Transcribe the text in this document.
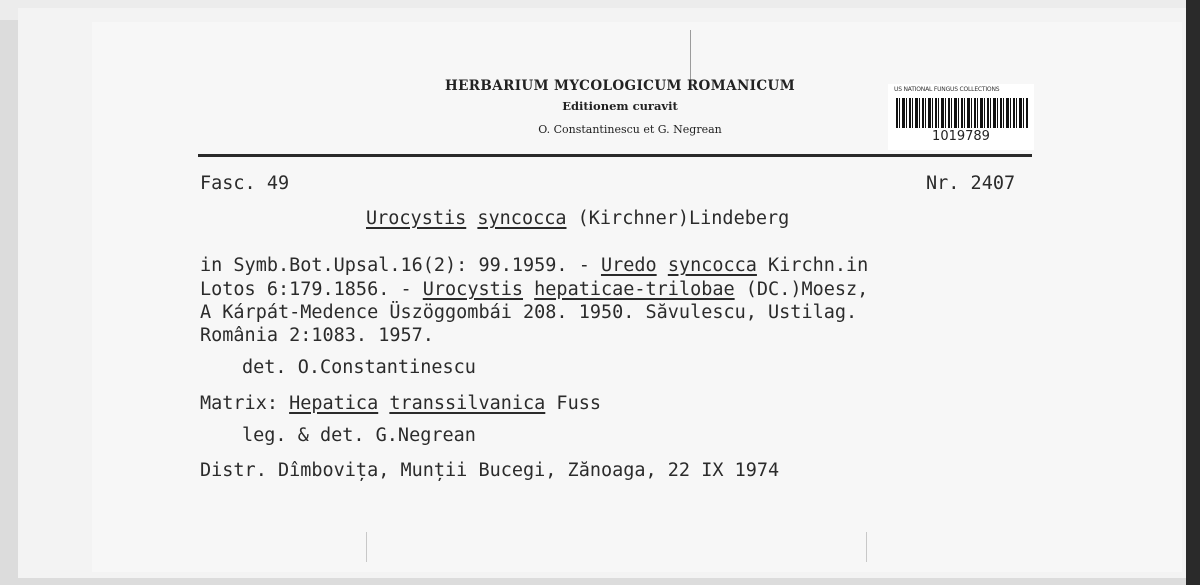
HERBARIUM MYCOLOGICUM ROMANICUM
Editionem curavit
O. Constantinescu et G. Negrean
US NATIONAL FUNGUS COLLECTIONS
1019789
Fasc. 49	Nr. 2407
Urocystis syncocca (Kirchner)Lindeberg
in Symb.Bot.Upsal.16(2): 99.1959. - Uredo syncocca Kirchn.in
Lotos 6:179.1856. - Urocystis hepaticae-trilobae (DC.)Moesz,
A Kárpát-Medence Üszöggombái 208. 1950. Săvulescu, Ustilag.
România 2:1083. 1957.
det. O.Constantinescu
Matrix: Hepatica transsilvanica Fuss
leg. & det. G.Negrean
Distr. Dîmbovița, Munții Bucegi, Zănoaga, 22 IX 1974
